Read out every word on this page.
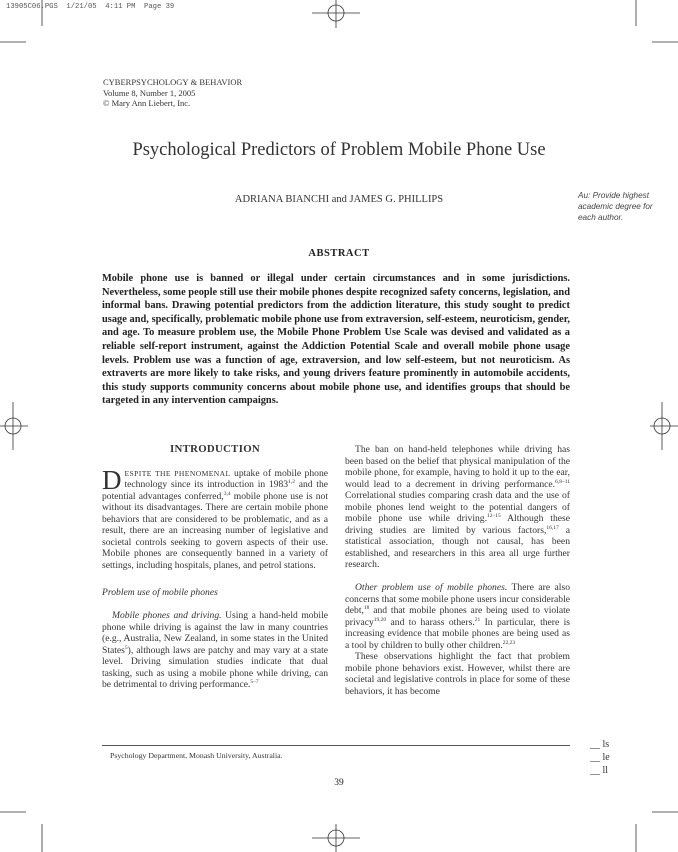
13905C06.PGS  1/21/05  4:11 PM  Page 39
CYBERPSYCHOLOGY & BEHAVIOR
Volume 8, Number 1, 2005
© Mary Ann Liebert, Inc.
Psychological Predictors of Problem Mobile Phone Use
ADRIANA BIANCHI and JAMES G. PHILLIPS	Au: Provide highest academic degree for each author.
ABSTRACT
Mobile phone use is banned or illegal under certain circumstances and in some jurisdictions. Nevertheless, some people still use their mobile phones despite recognized safety concerns, legislation, and informal bans. Drawing potential predictors from the addiction literature, this study sought to predict usage and, specifically, problematic mobile phone use from extraversion, self-esteem, neuroticism, gender, and age. To measure problem use, the Mobile Phone Problem Use Scale was devised and validated as a reliable self-report instrument, against the Addiction Potential Scale and overall mobile phone usage levels. Problem use was a function of age, extraversion, and low self-esteem, but not neuroticism. As extraverts are more likely to take risks, and young drivers feature prominently in automobile accidents, this study supports community concerns about mobile phone use, and identifies groups that should be targeted in any intervention campaigns.

INTRODUCTION

DESPITE THE PHENOMENAL uptake of mobile phone technology since its introduction in 1983$^{1,2}$ and the potential advantages conferred,$^{3,4}$ mobile phone use is not without its disadvantages. There are certain mobile phone behaviors that are considered to be problematic, and as a result, there are an increasing number of legislative and societal controls seeking to govern aspects of their use. Mobile phones are consequently banned in a variety of settings, including hospitals, planes, and petrol stations.

Problem use of mobile phones

Mobile phones and driving. Using a hand-held mobile phone while driving is against the law in many countries (e.g., Australia, New Zealand, in some states in the United States$^5$), although laws are patchy and may vary at a state level. Driving simulation studies indicate that dual tasking, such as using a mobile phone while driving, can be detrimental to driving performance.$^{5-7}$

The ban on hand-held telephones while driving has been based on the belief that physical manipulation of the mobile phone, for example, having to hold it up to the ear, would lead to a decrement in driving performance.$^{6,8-11}$ Correlational studies comparing crash data and the use of mobile phones lend weight to the potential dangers of mobile phone use while driving.$^{12-15}$ Although these driving studies are limited by various factors,$^{16,17}$ a statistical association, though not causal, has been established, and researchers in this area all urge further research.

Other problem use of mobile phones. There are also concerns that some mobile phone users incur considerable debt,$^{18}$ and that mobile phones are being used to violate privacy$^{19,20}$ and to harass others.$^{21}$ In particular, there is increasing evidence that mobile phones are being used as a tool by children to bully other children.$^{22,23}$

These observations highlight the fact that problem mobile phone behaviors exist. However, whilst there are societal and legislative controls in place for some of these behaviors, it has become

Psychology Department, Monash University, Australia.
39
__ ls
__ le
__ ll
